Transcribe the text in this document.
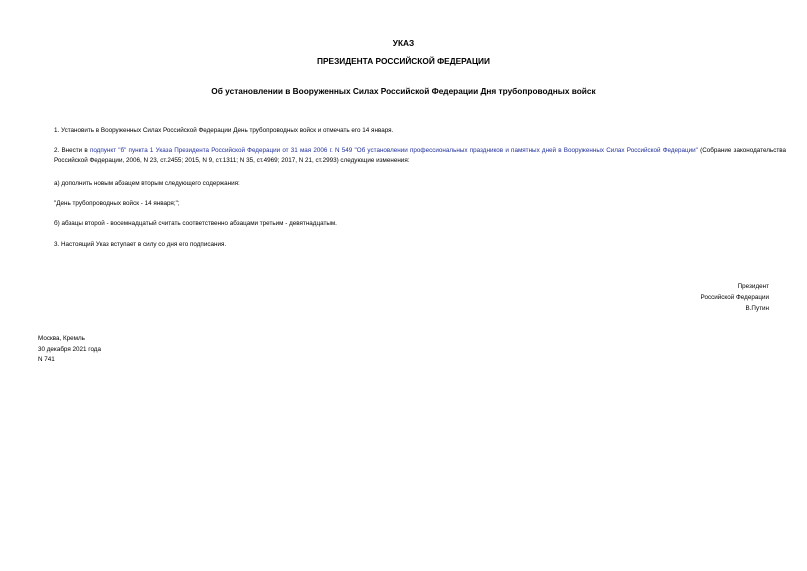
УКАЗ
ПРЕЗИДЕНТА РОССИЙСКОЙ ФЕДЕРАЦИИ
Об установлении в Вооруженных Силах Российской Федерации Дня трубопроводных войск
1. Установить в Вооруженных Силах Российской Федерации День трубопроводных войск и отмечать его 14 января.
2. Внести в подпункт "б" пункта 1 Указа Президента Российской Федерации от 31 мая 2006 г. N 549 "Об установлении профессиональных праздников и памятных дней в Вооруженных Силах Российской Федерации" (Собрание законодательства Российской Федерации, 2006, N 23, ст.2455; 2015, N 9, ст.1311; N 35, ст.4969; 2017, N 21, ст.2993) следующие изменения:
а) дополнить новым абзацем вторым следующего содержания:
"День трубопроводных войск - 14 января;";
б) абзацы второй - восемнадцатый считать соответственно абзацами третьим - девятнадцатым.
3. Настоящий Указ вступает в силу со дня его подписания.
Президент
Российской Федерации
В.Путин
Москва, Кремль
30 декабря 2021 года
N 741
